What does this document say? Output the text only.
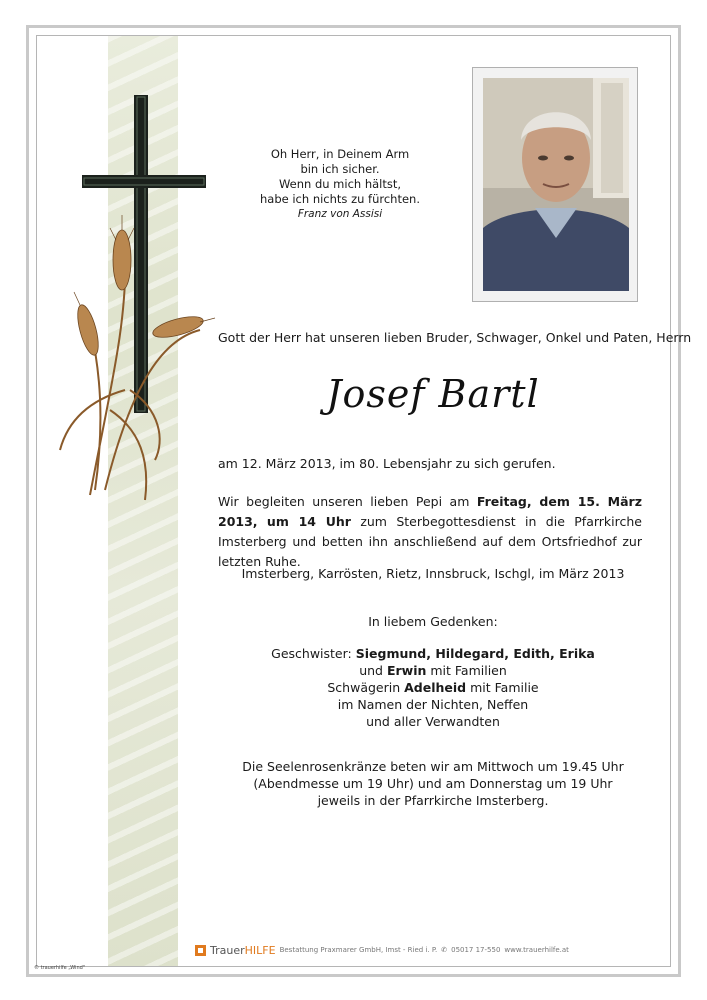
Oh Herr, in Deinem Arm
bin ich sicher.
Wenn du mich hältst,
habe ich nichts zu fürchten.
Franz von Assisi
Gott der Herr hat unseren lieben Bruder, Schwager, Onkel und Paten, Herrn
Josef Bartl
am 12. März 2013, im 80. Lebensjahr zu sich gerufen.
Wir begleiten unseren lieben Pepi am Freitag, dem 15. März 2013, um 14 Uhr zum Sterbegottesdienst in die Pfarrkirche Imsterberg und betten ihn anschließend auf dem Ortsfriedhof zur letzten Ruhe.
Imsterberg, Karrösten, Rietz, Innsbruck, Ischgl, im März 2013
In liebem Gedenken:
Geschwister: Siegmund, Hildegard, Edith, Erika
und Erwin mit Familien
Schwägerin Adelheid mit Familie
im Namen der Nichten, Neffen
und aller Verwandten
Die Seelenrosenkränze beten wir am Mittwoch um 19.45 Uhr
(Abendmesse um 19 Uhr) und am Donnerstag um 19 Uhr
jeweils in der Pfarrkirche Imsterberg.
TrauerHILFE Bestattung Praxmarer GmbH, Imst - Ried i. P. ✆ 05017 17-550 www.trauerhilfe.at
© trauerhilfe „Wind"
